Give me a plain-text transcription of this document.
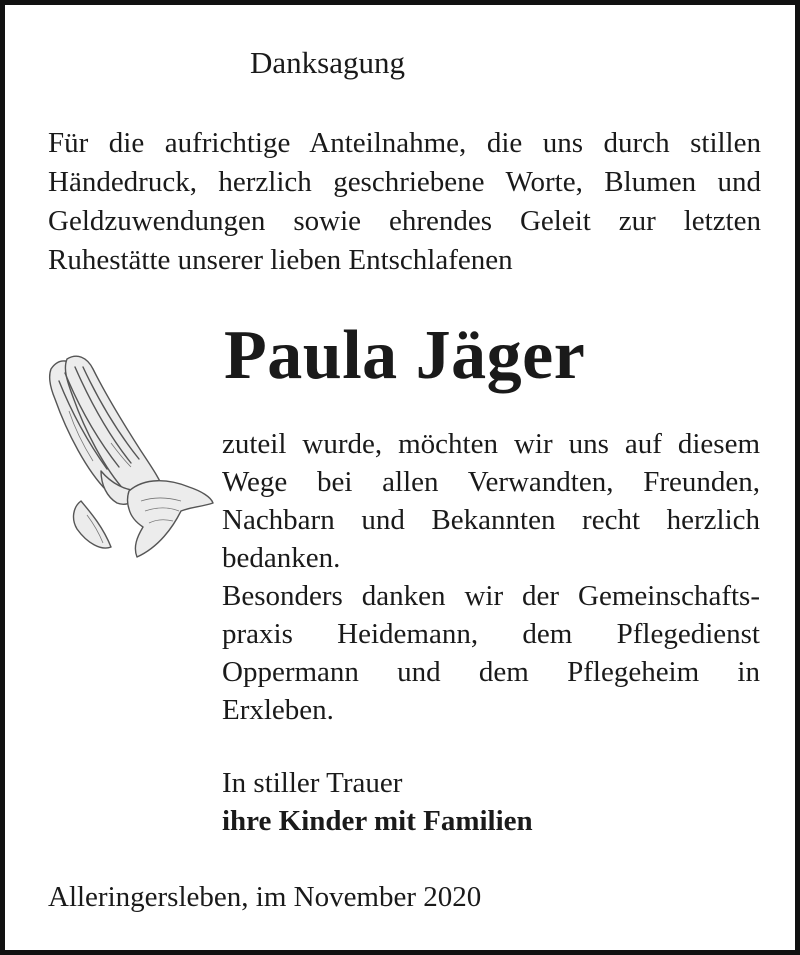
Danksagung
Für die aufrichtige Anteilnahme, die uns durch stillen
Händedruck, herzlich geschriebene Worte, Blumen und
Geldzuwendungen sowie ehrendes Geleit zur letzten
Ruhestätte unserer lieben Entschlafenen
Paula Jäger
zuteil wurde, möchten wir uns auf diesem
Wege bei allen Verwandten, Freunden,
Nachbarn und Bekannten recht herzlich
bedanken.
Besonders danken wir der Gemeinschafts-
praxis Heidemann, dem Pflegedienst
Oppermann und dem Pflegeheim in
Erxleben.
In stiller Trauer
ihre Kinder mit Familien
Alleringersleben, im November 2020
